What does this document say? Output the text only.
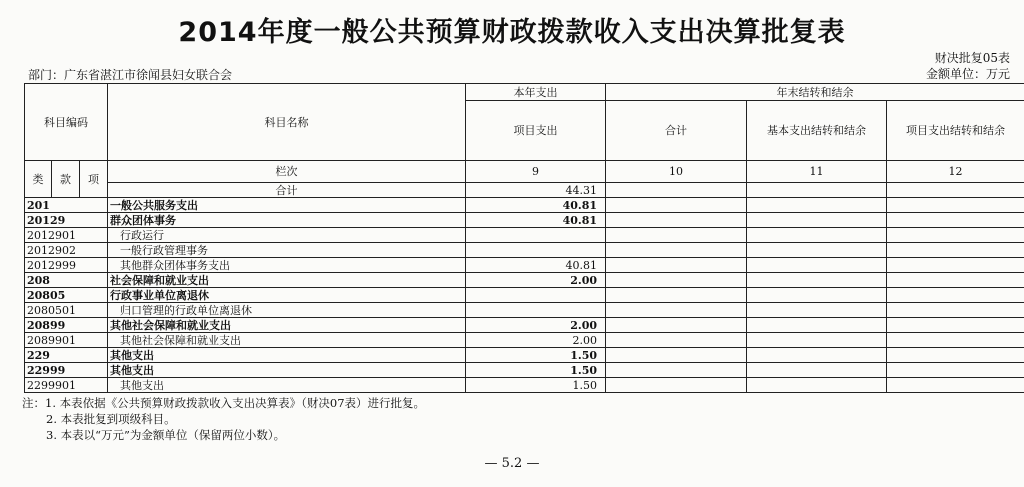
2014年度一般公共预算财政拨款收入支出决算批复表
财决批复05表
金额单位：万元
部门：广东省湛江市徐闻县妇女联合会
科目编码			科目名称	本年支出	年末结转和结余		
				项目支出	合计	基本支出结转和结余	项目支出结转和结余
类	款	项	栏次	9	10	11	12
			合计	44.31			
201			一般公共服务支出	40.81			
20129			群众团体事务	40.81			
2012901			行政运行				
2012902			一般行政管理事务				
2012999			其他群众团体事务支出	40.81			
208			社会保障和就业支出	2.00			
20805			行政事业单位离退休				
2080501			归口管理的行政单位离退休				
20899			其他社会保障和就业支出	2.00			
2089901			其他社会保障和就业支出	2.00			
229			其他支出	1.50			
22999			其他支出	1.50			
2299901			其他支出	1.50			
注：1. 本表依据《公共预算财政拨款收入支出决算表》（财决07表）进行批复。
2. 本表批复到项级科目。
3. 本表以“万元”为金额单位（保留两位小数）。
— 5.2 —
